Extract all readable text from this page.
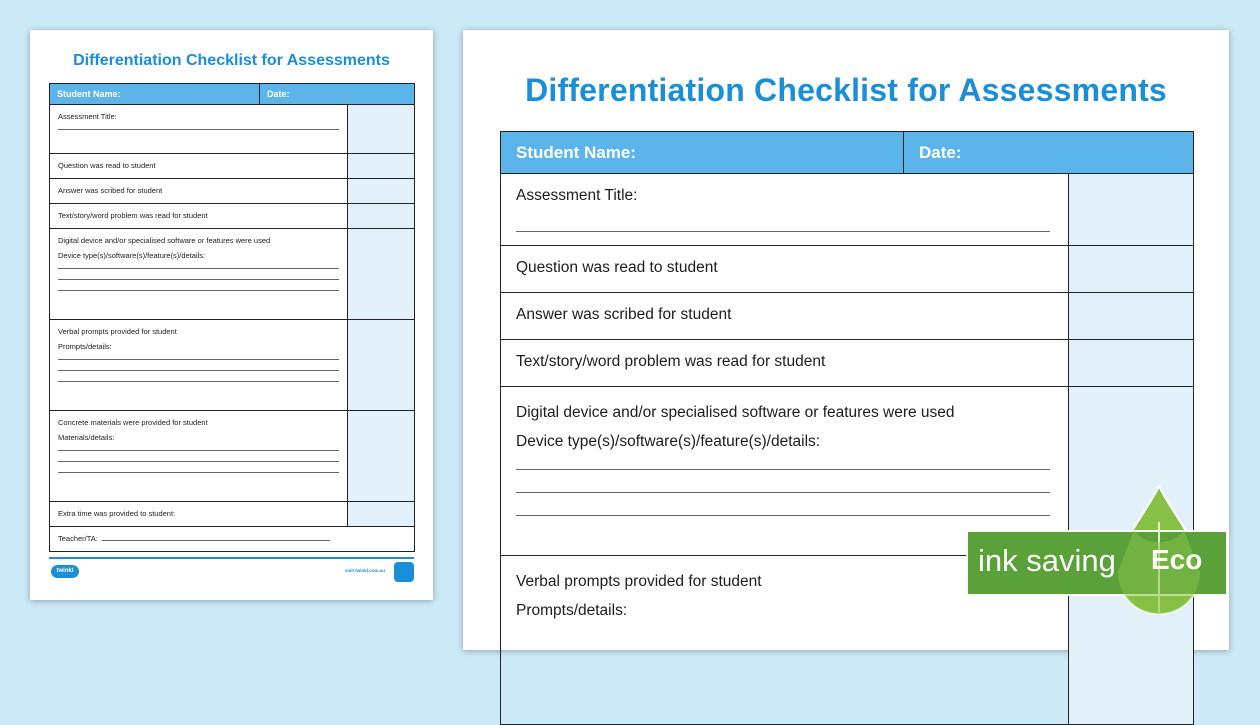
Differentiation Checklist for Assessments
Student Name:	Date:	
Assessment Title:	

Question was read to student		
Answer was scribed for student		
Text/story/word problem was read for student		

Digital device and/or specialised software or features were used
Device type(s)/software(s)/feature(s)/details:		

Verbal prompts provided for student
Prompts/details:		

Concrete materials were provided for student
Materials/details:		

Extra time was provided to student:		
Teacher/TA:		
twinkl	visit twinkl.com.au
Differentiation Checklist for Assessments
Student Name:	Date:	
Assessment Title:	

Question was read to student		
Answer was scribed for student		
Text/story/word problem was read for student		

Digital device and/or specialised software or features were used
Device type(s)/software(s)/feature(s)/details:		

Verbal prompts provided for student
Prompts/details:		

ink saving Eco
